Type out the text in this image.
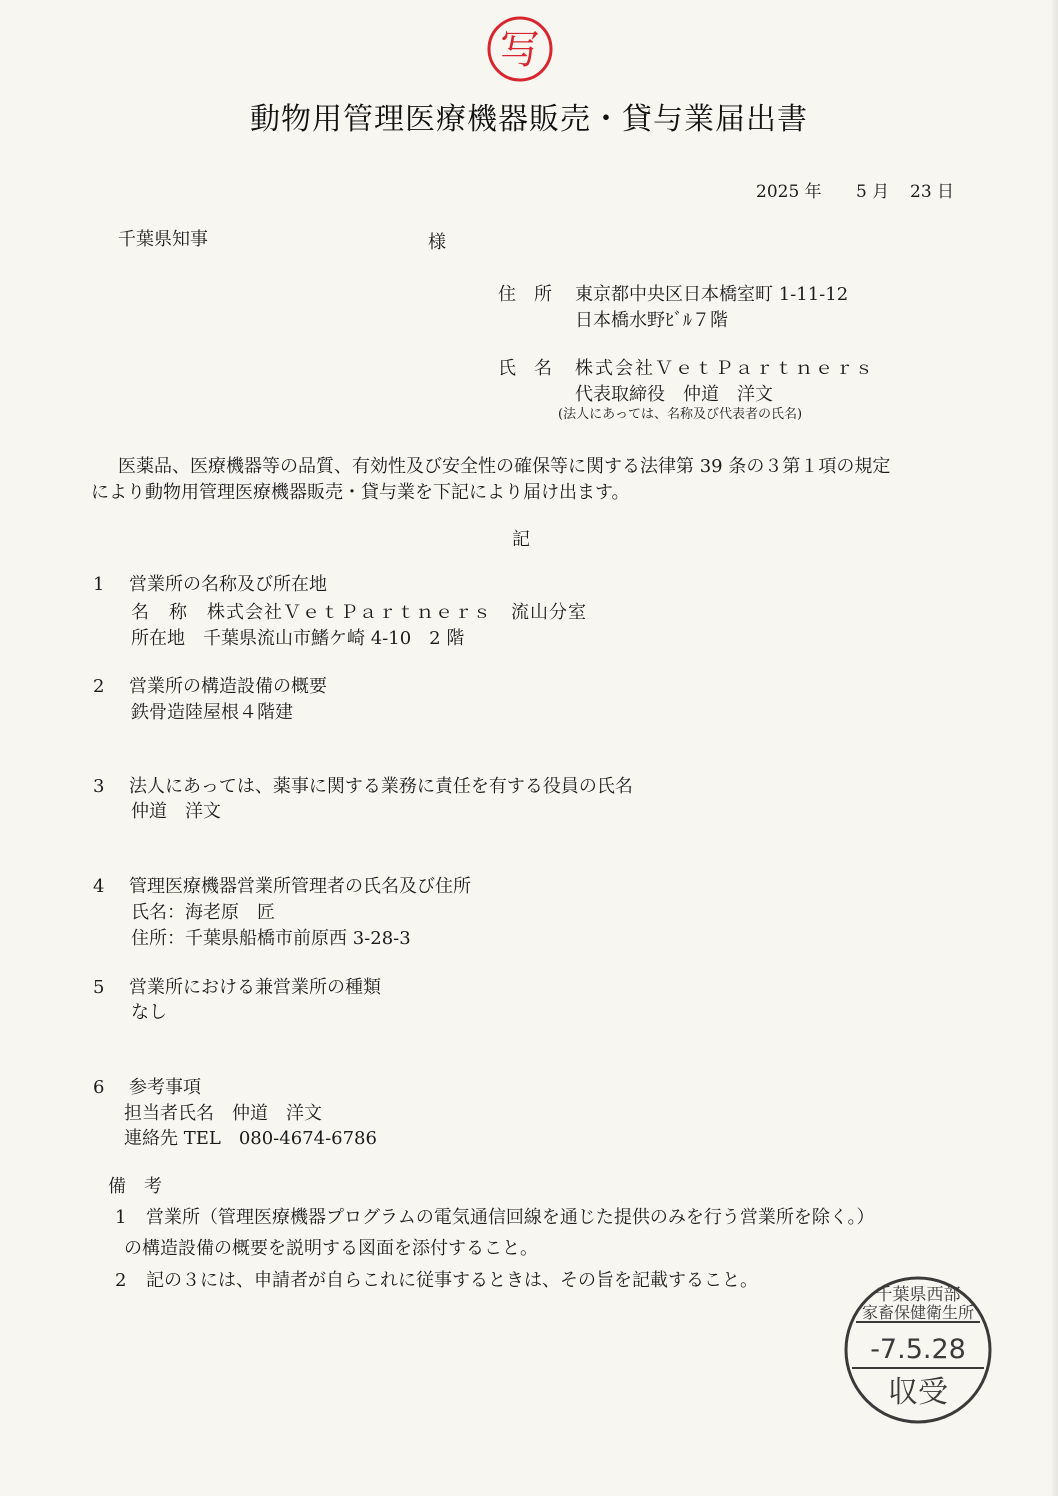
写
動物用管理医療機器販売・貸与業届出書
2025 年 5 月 23 日
千葉県知事	様
住　所 東京都中央区日本橋室町 1-11-12
日本橋水野ﾋﾞﾙ７階
氏　名 株式会社ＶｅｔＰａｒｔｎｅｒｓ
代表取締役　仲道　洋文
(法人にあっては、名称及び代表者の氏名)
医薬品、医療機器等の品質、有効性及び安全性の確保等に関する法律第 39 条の３第１項の規定
により動物用管理医療機器販売・貸与業を下記により届け出ます。
記
1 営業所の名称及び所在地
名　称　株式会社ＶｅｔＰａｒｔｎｅｒｓ　流山分室
所在地　千葉県流山市鰭ケ崎 4-10　2 階
2 営業所の構造設備の概要
鉄骨造陸屋根４階建
3 法人にあっては、薬事に関する業務に責任を有する役員の氏名
仲道　洋文
4 管理医療機器営業所管理者の氏名及び住所
氏名：海老原　匠
住所：千葉県船橋市前原西 3-28-3
5 営業所における兼営業所の種類
なし
6 参考事項
担当者氏名　仲道　洋文
連絡先 TEL　080-4674-6786
備　考
1 営業所（管理医療機器プログラムの電気通信回線を通じた提供のみを行う営業所を除く。）
の構造設備の概要を説明する図面を添付すること。
2 記の３には、申請者が自らこれに従事するときは、その旨を記載すること。
千葉県西部
家畜保健衛生所
-7.5.28
収受
